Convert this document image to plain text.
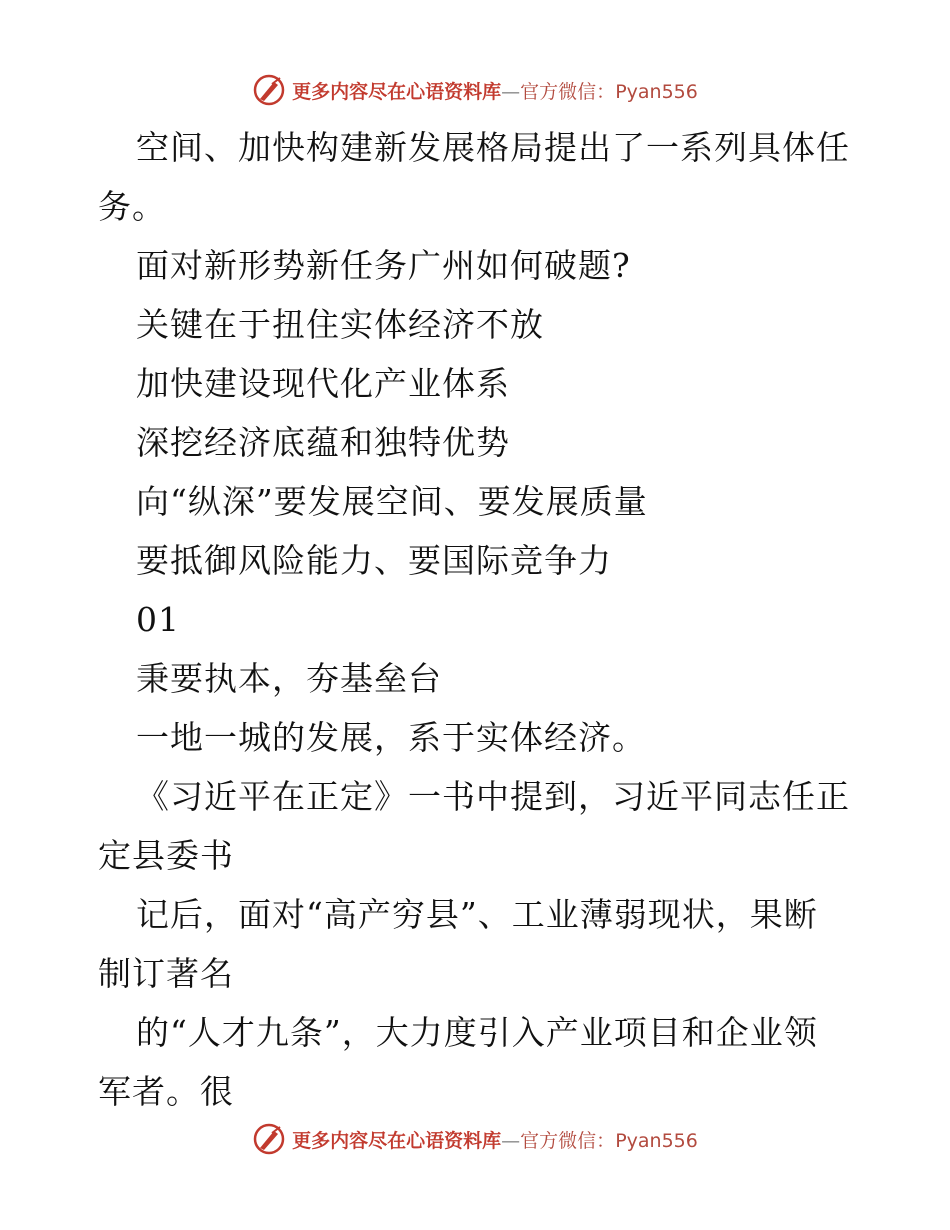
更多内容尽在心语资料库 — 官方微信： Pyan556
空间、加快构建新发展格局提出了一系列具体任
务。
面对新形势新任务广州如何破题?
关键在于扭住实体经济不放
加快建设现代化产业体系
深挖经济底蕴和独特优势
向“纵深”要发展空间、要发展质量
要抵御风险能力、要国际竞争力
01
秉要执本，夯基垒台
一地一城的发展，系于实体经济。
《习近平在正定》一书中提到，习近平同志任正
定县委书
记后，面对“高产穷县”、工业薄弱现状，果断
制订著名
的“人才九条”，大力度引入产业项目和企业领
军者。很
更多内容尽在心语资料库 — 官方微信： Pyan556
